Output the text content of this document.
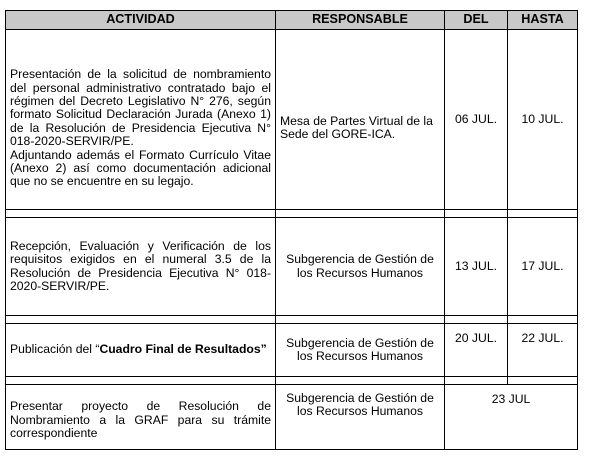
ACTIVIDAD	RESPONSABLE	DEL	HASTA

Presentación de la solicitud de nombramiento del personal administrativo contratado bajo el régimen del Decreto Legislativo N° 276, según formato Solicitud Declaración Jurada (Anexo 1) de la Resolución de Presidencia Ejecutiva N° 018-2020-SERVIR/PE.
Adjuntando además el Formato Currículo Vitae (Anexo 2) así como documentación adicional que no se encuentre en su legajo.	Mesa de Partes Virtual de la Sede del GORE-ICA.	06 JUL.	10 JUL.

Recepción, Evaluación y Verificación de los requisitos exigidos en el numeral 3.5 de la Resolución de Presidencia Ejecutiva N° 018-2020-SERVIR/PE.	Subgerencia de Gestión de los Recursos Humanos	13 JUL.	17 JUL.

Publicación del “Cuadro Final de Resultados”	Subgerencia de Gestión de los Recursos Humanos	20 JUL.	22 JUL.

Presentar proyecto de Resolución de Nombramiento a la GRAF para su trámite correspondiente	Subgerencia de Gestión de los Recursos Humanos	23 JUL	
